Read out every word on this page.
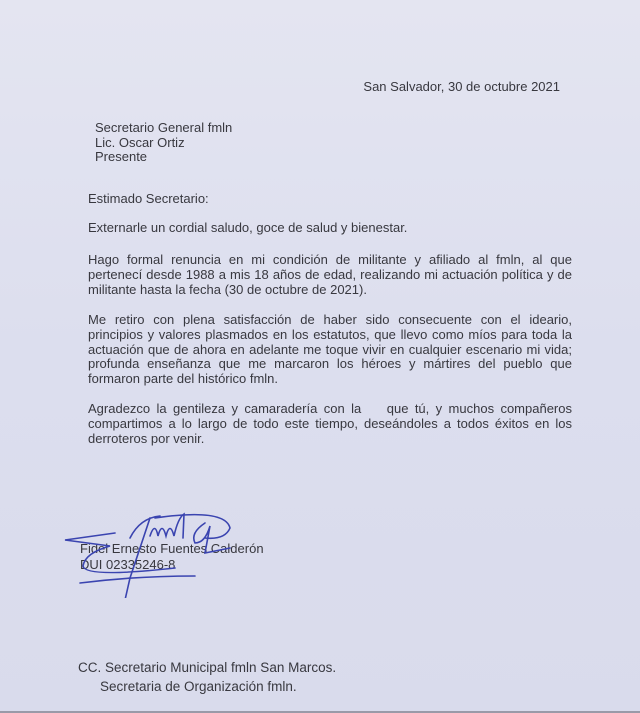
San Salvador, 30 de octubre 2021
Secretario General fmln
Lic. Oscar Ortiz
Presente
Estimado Secretario:
Externarle un cordial saludo, goce de salud y bienestar.
Hago formal renuncia en mi condición de militante y afiliado al fmln, al que pertenecí desde 1988 a mis 18 años de edad, realizando mi actuación política y de militante hasta la fecha (30 de octubre de 2021).
Me retiro con plena satisfacción de haber sido consecuente con el ideario, principios y valores plasmados en los estatutos, que llevo como míos para toda la actuación que de ahora en adelante me toque vivir en cualquier escenario mi vida; profunda enseñanza que me marcaron los héroes y mártires del pueblo que formaron parte del histórico fmln.
Agradezco la gentileza y camaradería con la    que tú, y muchos compañeros compartimos a lo largo de todo este tiempo, deseándoles a todos éxitos en los derroteros por venir.
Fidel Ernesto Fuentes Calderón
DUI 02335246-8
CC. Secretario Municipal fmln San Marcos.
Secretaria de Organización fmln.
